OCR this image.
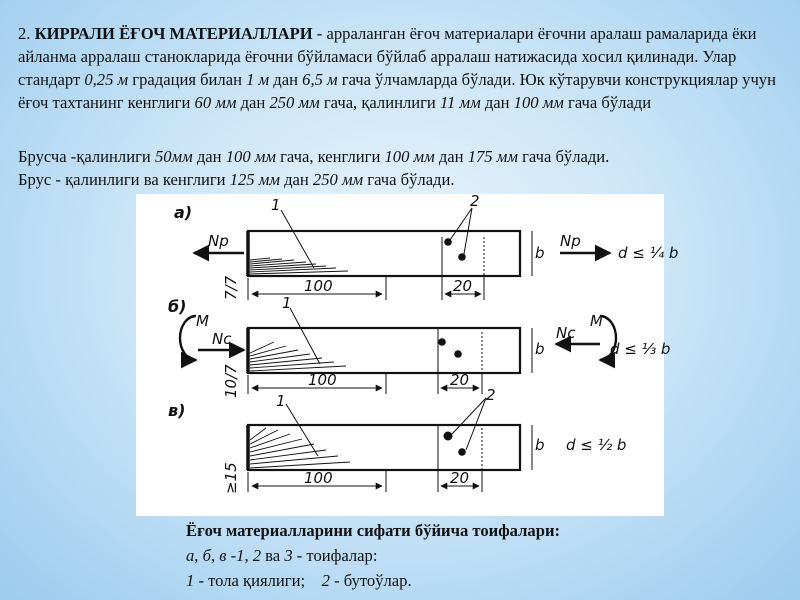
2. КИРРАЛИ ЁҒОЧ МАТЕРИАЛЛАРИ - арраланган ёғоч материалари ёғочни аралаш рамаларида ёки айланма арралаш станокларида ёғочни бўйламаси бўйлаб арралаш натижасида хосил қилинади. Улар стандарт 0,25 м градация билан 1 м дан 6,5 м гача ўлчамларда бўлади. Юк кўтарувчи конструкциялар учун ёғоч тахтанинг кенглиги 60 мм дан 250 мм гача, қалинлиги 11 мм дан 100 мм гача бўлади

Брусча -қалинлиги 50мм дан 100 мм гача, кенглиги 100 мм дан 175 мм гача бўлади.

Брус - қалинлиги ва кенглиги 125 мм дан 250 мм гача бўлади.

а)	1	2
Np	Np
b	d ≤ ¼ b
100	20
7/7
б)	1
M
Nc
M
Nc
b	d ≤ ⅓ b
100	20
10/7
в)	1	2
b d ≤ ½ b
100	20
≥15

Ёғоч материалларини сифати бўйича тоифалари:

а, б, в -1, 2 ва 3 - тоифалар:

1 - тола қиялиги;    2 - бутоўлар.
